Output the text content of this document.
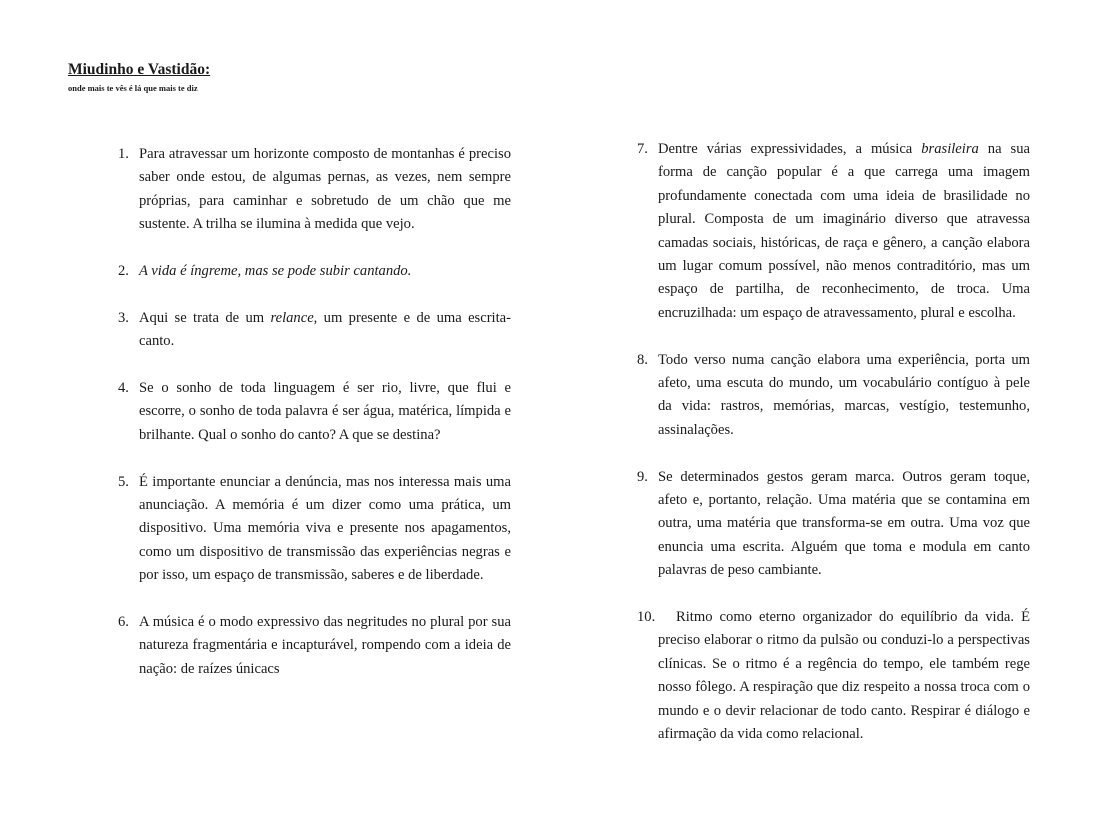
Miudinho e Vastidão:

onde mais te vês é lá que mais te diz

1. Para atravessar um horizonte composto de montanhas é preciso saber onde estou, de algumas pernas, as vezes, nem sempre próprias, para caminhar e sobretudo de um chão que me sustente. A trilha se ilumina à medida que vejo.
2. A vida é íngreme, mas se pode subir cantando.
3. Aqui se trata de um relance, um presente e de uma escrita-canto.
4. Se o sonho de toda linguagem é ser rio, livre, que flui e escorre, o sonho de toda palavra é ser água, matérica, límpida e brilhante. Qual o sonho do canto? A que se destina?
5. É importante enunciar a denúncia, mas nos interessa mais uma anunciação. A memória é um dizer como uma prática, um dispositivo. Uma memória viva e presente nos apagamentos, como um dispositivo de transmissão das experiências negras e por isso, um espaço de transmissão, saberes e de liberdade.
6. A música é o modo expressivo das negritudes no plural por sua natureza fragmentária e incapturável, rompendo com a ideia de nação: de raízes únicacs
7. Dentre várias expressividades, a música brasileira na sua forma de canção popular é a que carrega uma imagem profundamente conectada com uma ideia de brasilidade no plural. Composta de um imaginário diverso que atravessa camadas sociais, históricas, de raça e gênero, a canção elabora um lugar comum possível, não menos contraditório, mas um espaço de partilha, de reconhecimento, de troca. Uma encruzilhada: um espaço de atravessamento, plural e escolha.
8. Todo verso numa canção elabora uma experiência, porta um afeto, uma escuta do mundo, um vocabulário contíguo à pele da vida: rastros, memórias, marcas, vestígio, testemunho, assinalações.
9. Se determinados gestos geram marca. Outros geram toque, afeto e, portanto, relação. Uma matéria que se contamina em outra, uma matéria que transforma-se em outra. Uma voz que enuncia uma escrita. Alguém que toma e modula em canto palavras de peso cambiante.
10. Ritmo como eterno organizador do equilíbrio da vida. É preciso elaborar o ritmo da pulsão ou conduzi-lo a perspectivas clínicas. Se o ritmo é a regência do tempo, ele também rege nosso fôlego. A respiração que diz respeito a nossa troca com o mundo e o devir relacionar de todo canto. Respirar é diálogo e afirmação da vida como relacional.
